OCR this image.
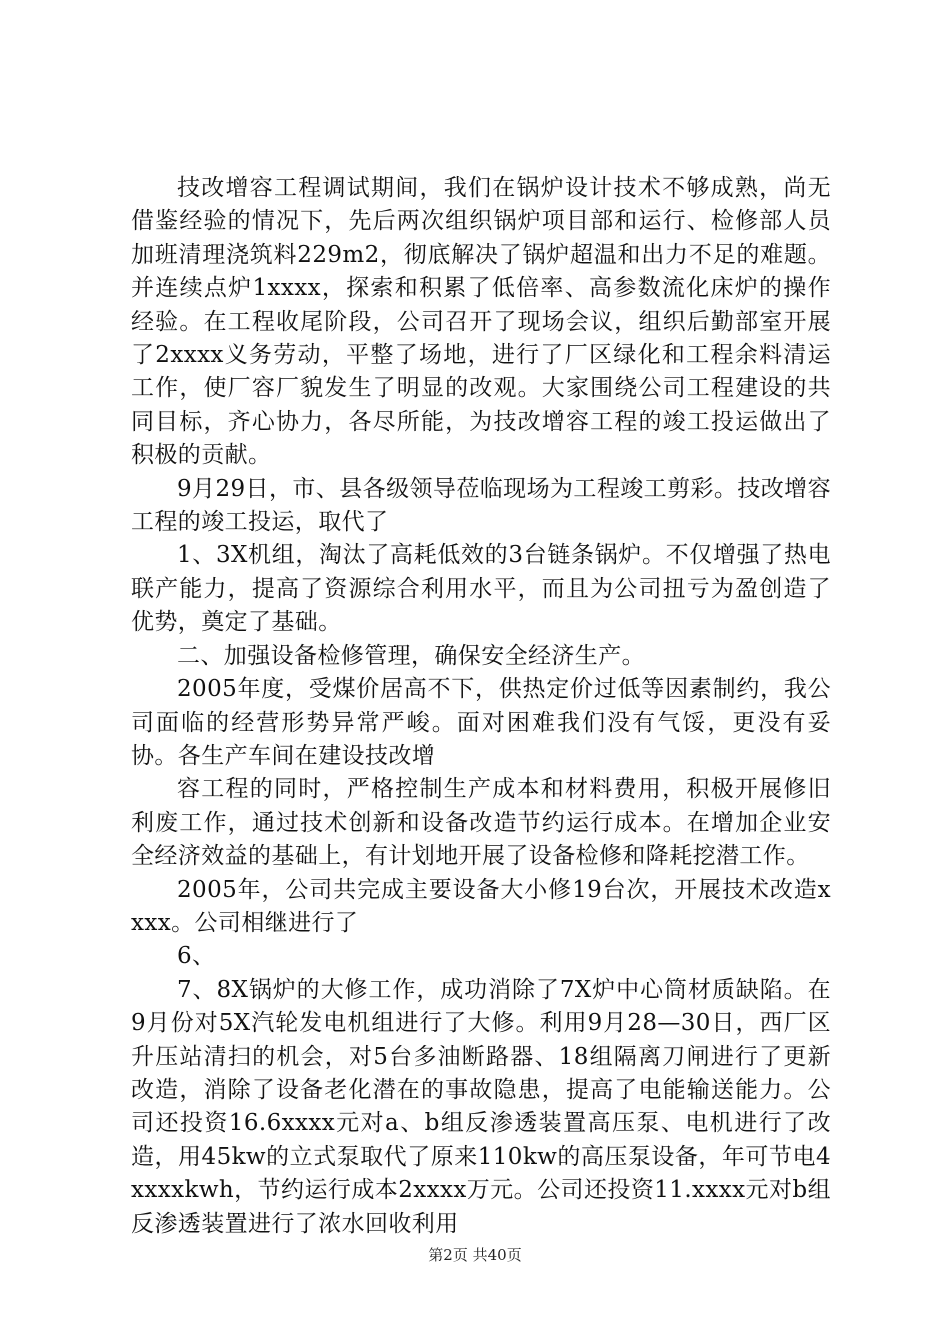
技改增容工程调试期间，我们在锅炉设计技术不够成熟，尚无借鉴经验的情况下，先后两次组织锅炉项目部和运行、检修部人员加班清理浇筑料229m2，彻底解决了锅炉超温和出力不足的难题。并连续点炉1xxxx，探索和积累了低倍率、高参数流化床炉的操作经验。在工程收尾阶段，公司召开了现场会议，组织后勤部室开展了2xxxx义务劳动，平整了场地，进行了厂区绿化和工程余料清运工作，使厂容厂貌发生了明显的改观。大家围绕公司工程建设的共同目标，齐心协力，各尽所能，为技改增容工程的竣工投运做出了积极的贡献。

9月29日，市、县各级领导莅临现场为工程竣工剪彩。技改增容工程的竣工投运，取代了

1、3X机组，淘汰了高耗低效的3台链条锅炉。不仅增强了热电联产能力，提高了资源综合利用水平，而且为公司扭亏为盈创造了优势，奠定了基础。

二、加强设备检修管理，确保安全经济生产。

2005年度，受煤价居高不下，供热定价过低等因素制约，我公司面临的经营形势异常严峻。面对困难我们没有气馁，更没有妥协。各生产车间在建设技改增

容工程的同时，严格控制生产成本和材料费用，积极开展修旧利废工作，通过技术创新和设备改造节约运行成本。在增加企业安全经济效益的基础上，有计划地开展了设备检修和降耗挖潜工作。

2005年，公司共完成主要设备大小修19台次，开展技术改造xxxx。公司相继进行了

6、

7、8X锅炉的大修工作，成功消除了7X炉中心筒材质缺陷。在9月份对5X汽轮发电机组进行了大修。利用9月28—30日，西厂区升压站清扫的机会，对5台多油断路器、18组隔离刀闸进行了更新改造，消除了设备老化潜在的事故隐患，提高了电能输送能力。公司还投资16.6xxxx元对a、b组反渗透装置高压泵、电机进行了改造，用45kw的立式泵取代了原来110kw的高压泵设备，年可节电4xxxxkwh，节约运行成本2xxxx万元。公司还投资11.xxxx元对b组反渗透装置进行了浓水回收利用

第2页 共40页
